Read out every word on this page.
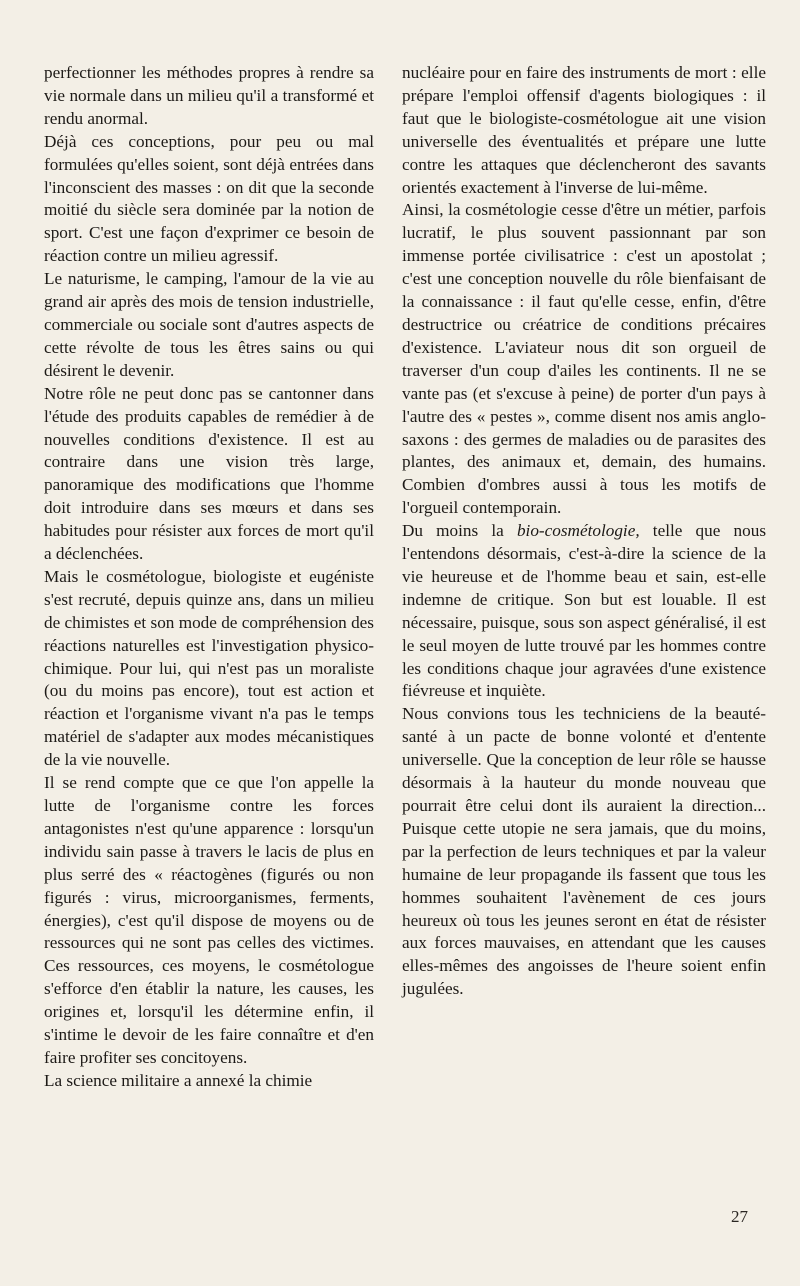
perfectionner les méthodes propres à rendre sa vie normale dans un milieu qu'il a transformé et rendu anormal.

Déjà ces conceptions, pour peu ou mal formulées qu'elles soient, sont déjà entrées dans l'inconscient des masses : on dit que la seconde moitié du siècle sera dominée par la notion de sport. C'est une façon d'exprimer ce besoin de réaction contre un milieu agressif.

Le naturisme, le camping, l'amour de la vie au grand air après des mois de tension industrielle, commerciale ou sociale sont d'autres aspects de cette révolte de tous les êtres sains ou qui désirent le devenir.

Notre rôle ne peut donc pas se cantonner dans l'étude des produits capables de remédier à de nouvelles conditions d'existence. Il est au contraire dans une vision très large, panoramique des modifications que l'homme doit introduire dans ses mœurs et dans ses habitudes pour résister aux forces de mort qu'il a déclenchées.

Mais le cosmétologue, biologiste et eugéniste s'est recruté, depuis quinze ans, dans un milieu de chimistes et son mode de compréhension des réactions naturelles est l'investigation physico-chimique. Pour lui, qui n'est pas un moraliste (ou du moins pas encore), tout est action et réaction et l'organisme vivant n'a pas le temps matériel de s'adapter aux modes mécanistiques de la vie nouvelle.

Il se rend compte que ce que l'on appelle la lutte de l'organisme contre les forces antagonistes n'est qu'une apparence : lorsqu'un individu sain passe à travers le lacis de plus en plus serré des « réactogènes (figurés ou non figurés : virus, microorganismes, ferments, énergies), c'est qu'il dispose de moyens ou de ressources qui ne sont pas celles des victimes. Ces ressources, ces moyens, le cosmétologue s'efforce d'en établir la nature, les causes, les origines et, lorsqu'il les détermine enfin, il s'intime le devoir de les faire connaître et d'en faire profiter ses concitoyens.

La science militaire a annexé la chimie

nucléaire pour en faire des instruments de mort : elle prépare l'emploi offensif d'agents biologiques : il faut que le biologiste-cosmétologue ait une vision universelle des éventualités et prépare une lutte contre les attaques que déclencheront des savants orientés exactement à l'inverse de lui-même.

Ainsi, la cosmétologie cesse d'être un métier, parfois lucratif, le plus souvent passionnant par son immense portée civilisatrice : c'est un apostolat ; c'est une conception nouvelle du rôle bienfaisant de la connaissance : il faut qu'elle cesse, enfin, d'être destructrice ou créatrice de conditions précaires d'existence. L'aviateur nous dit son orgueil de traverser d'un coup d'ailes les continents. Il ne se vante pas (et s'excuse à peine) de porter d'un pays à l'autre des « pestes », comme disent nos amis anglo-saxons : des germes de maladies ou de parasites des plantes, des animaux et, demain, des humains. Combien d'ombres aussi à tous les motifs de l'orgueil contemporain.

Du moins la bio-cosmétologie, telle que nous l'entendons désormais, c'est-à-dire la science de la vie heureuse et de l'homme beau et sain, est-elle indemne de critique. Son but est louable. Il est nécessaire, puisque, sous son aspect généralisé, il est le seul moyen de lutte trouvé par les hommes contre les conditions chaque jour agravées d'une existence fiévreuse et inquiète.

Nous convions tous les techniciens de la beauté-santé à un pacte de bonne volonté et d'entente universelle. Que la conception de leur rôle se hausse désormais à la hauteur du monde nouveau que pourrait être celui dont ils auraient la direction... Puisque cette utopie ne sera jamais, que du moins, par la perfection de leurs techniques et par la valeur humaine de leur propagande ils fassent que tous les hommes souhaitent l'avènement de ces jours heureux où tous les jeunes seront en état de résister aux forces mauvaises, en attendant que les causes elles-mêmes des angoisses de l'heure soient enfin jugulées.

27
